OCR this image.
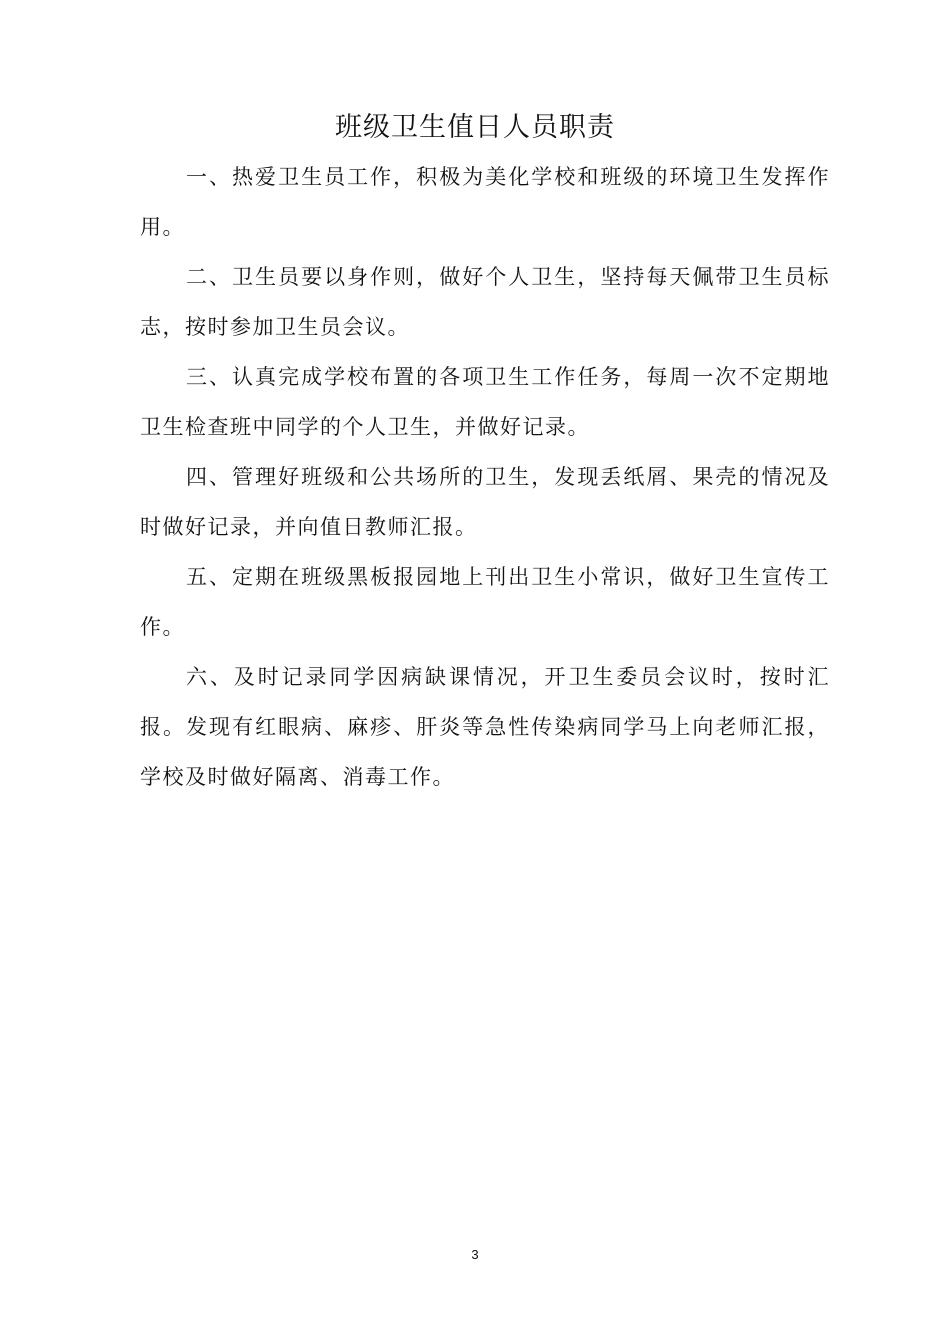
班级卫生值日人员职责

一、热爱卫生员工作，积极为美化学校和班级的环境卫生发挥作用。

二、卫生员要以身作则，做好个人卫生，坚持每天佩带卫生员标志，按时参加卫生员会议。

三、认真完成学校布置的各项卫生工作任务，每周一次不定期地卫生检查班中同学的个人卫生，并做好记录。

四、管理好班级和公共场所的卫生，发现丢纸屑、果壳的情况及时做好记录，并向值日教师汇报。

五、定期在班级黑板报园地上刊出卫生小常识，做好卫生宣传工作。

六、及时记录同学因病缺课情况，开卫生委员会议时，按时汇报。发现有红眼病、麻疹、肝炎等急性传染病同学马上向老师汇报，学校及时做好隔离、消毒工作。

3
